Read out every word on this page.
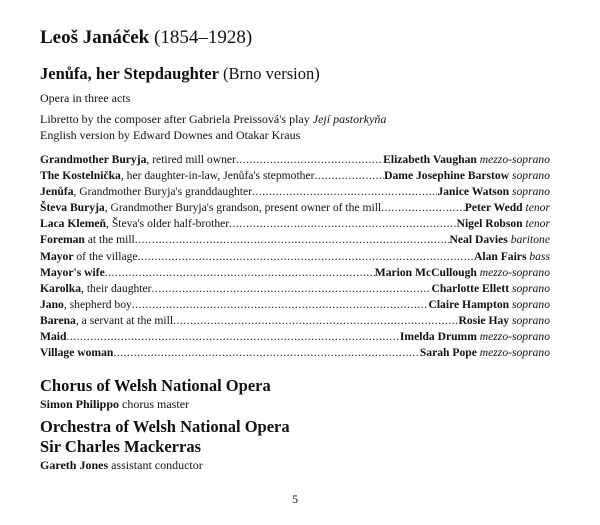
Leoš Janáček (1854–1928)
Jenůfa, her Stepdaughter (Brno version)
Opera in three acts
Libretto by the composer after Gabriela Preissová's play Její pastorkyňa
English version by Edward Downes and Otakar Kraus
Grandmother Buryja, retired mill owner .....	Elizabeth Vaughan mezzo-soprano
The Kostelnička, her daughter-in-law, Jenůfa's stepmother .....	Dame Josephine Barstow soprano
Jenůfa, Grandmother Buryja's granddaughter .....	Janice Watson soprano
Števa Buryja, Grandmother Buryja's grandson, present owner of the mill .....	Peter Wedd tenor
Laca Klemeň, Števa's older half-brother .....	Nigel Robson tenor
Foreman at the mill .....	Neal Davies baritone
Mayor of the village .....	Alan Fairs bass
Mayor's wife .....	Marion McCullough mezzo-soprano
Karolka, their daughter .....	Charlotte Ellett soprano
Jano, shepherd boy .....	Claire Hampton soprano
Barena, a servant at the mill .....	Rosie Hay soprano
Maid .....	Imelda Drumm mezzo-soprano
Village woman .....	Sarah Pope mezzo-soprano
Chorus of Welsh National Opera
Simon Philippo chorus master
Orchestra of Welsh National Opera
Sir Charles Mackerras
Gareth Jones assistant conductor
5
